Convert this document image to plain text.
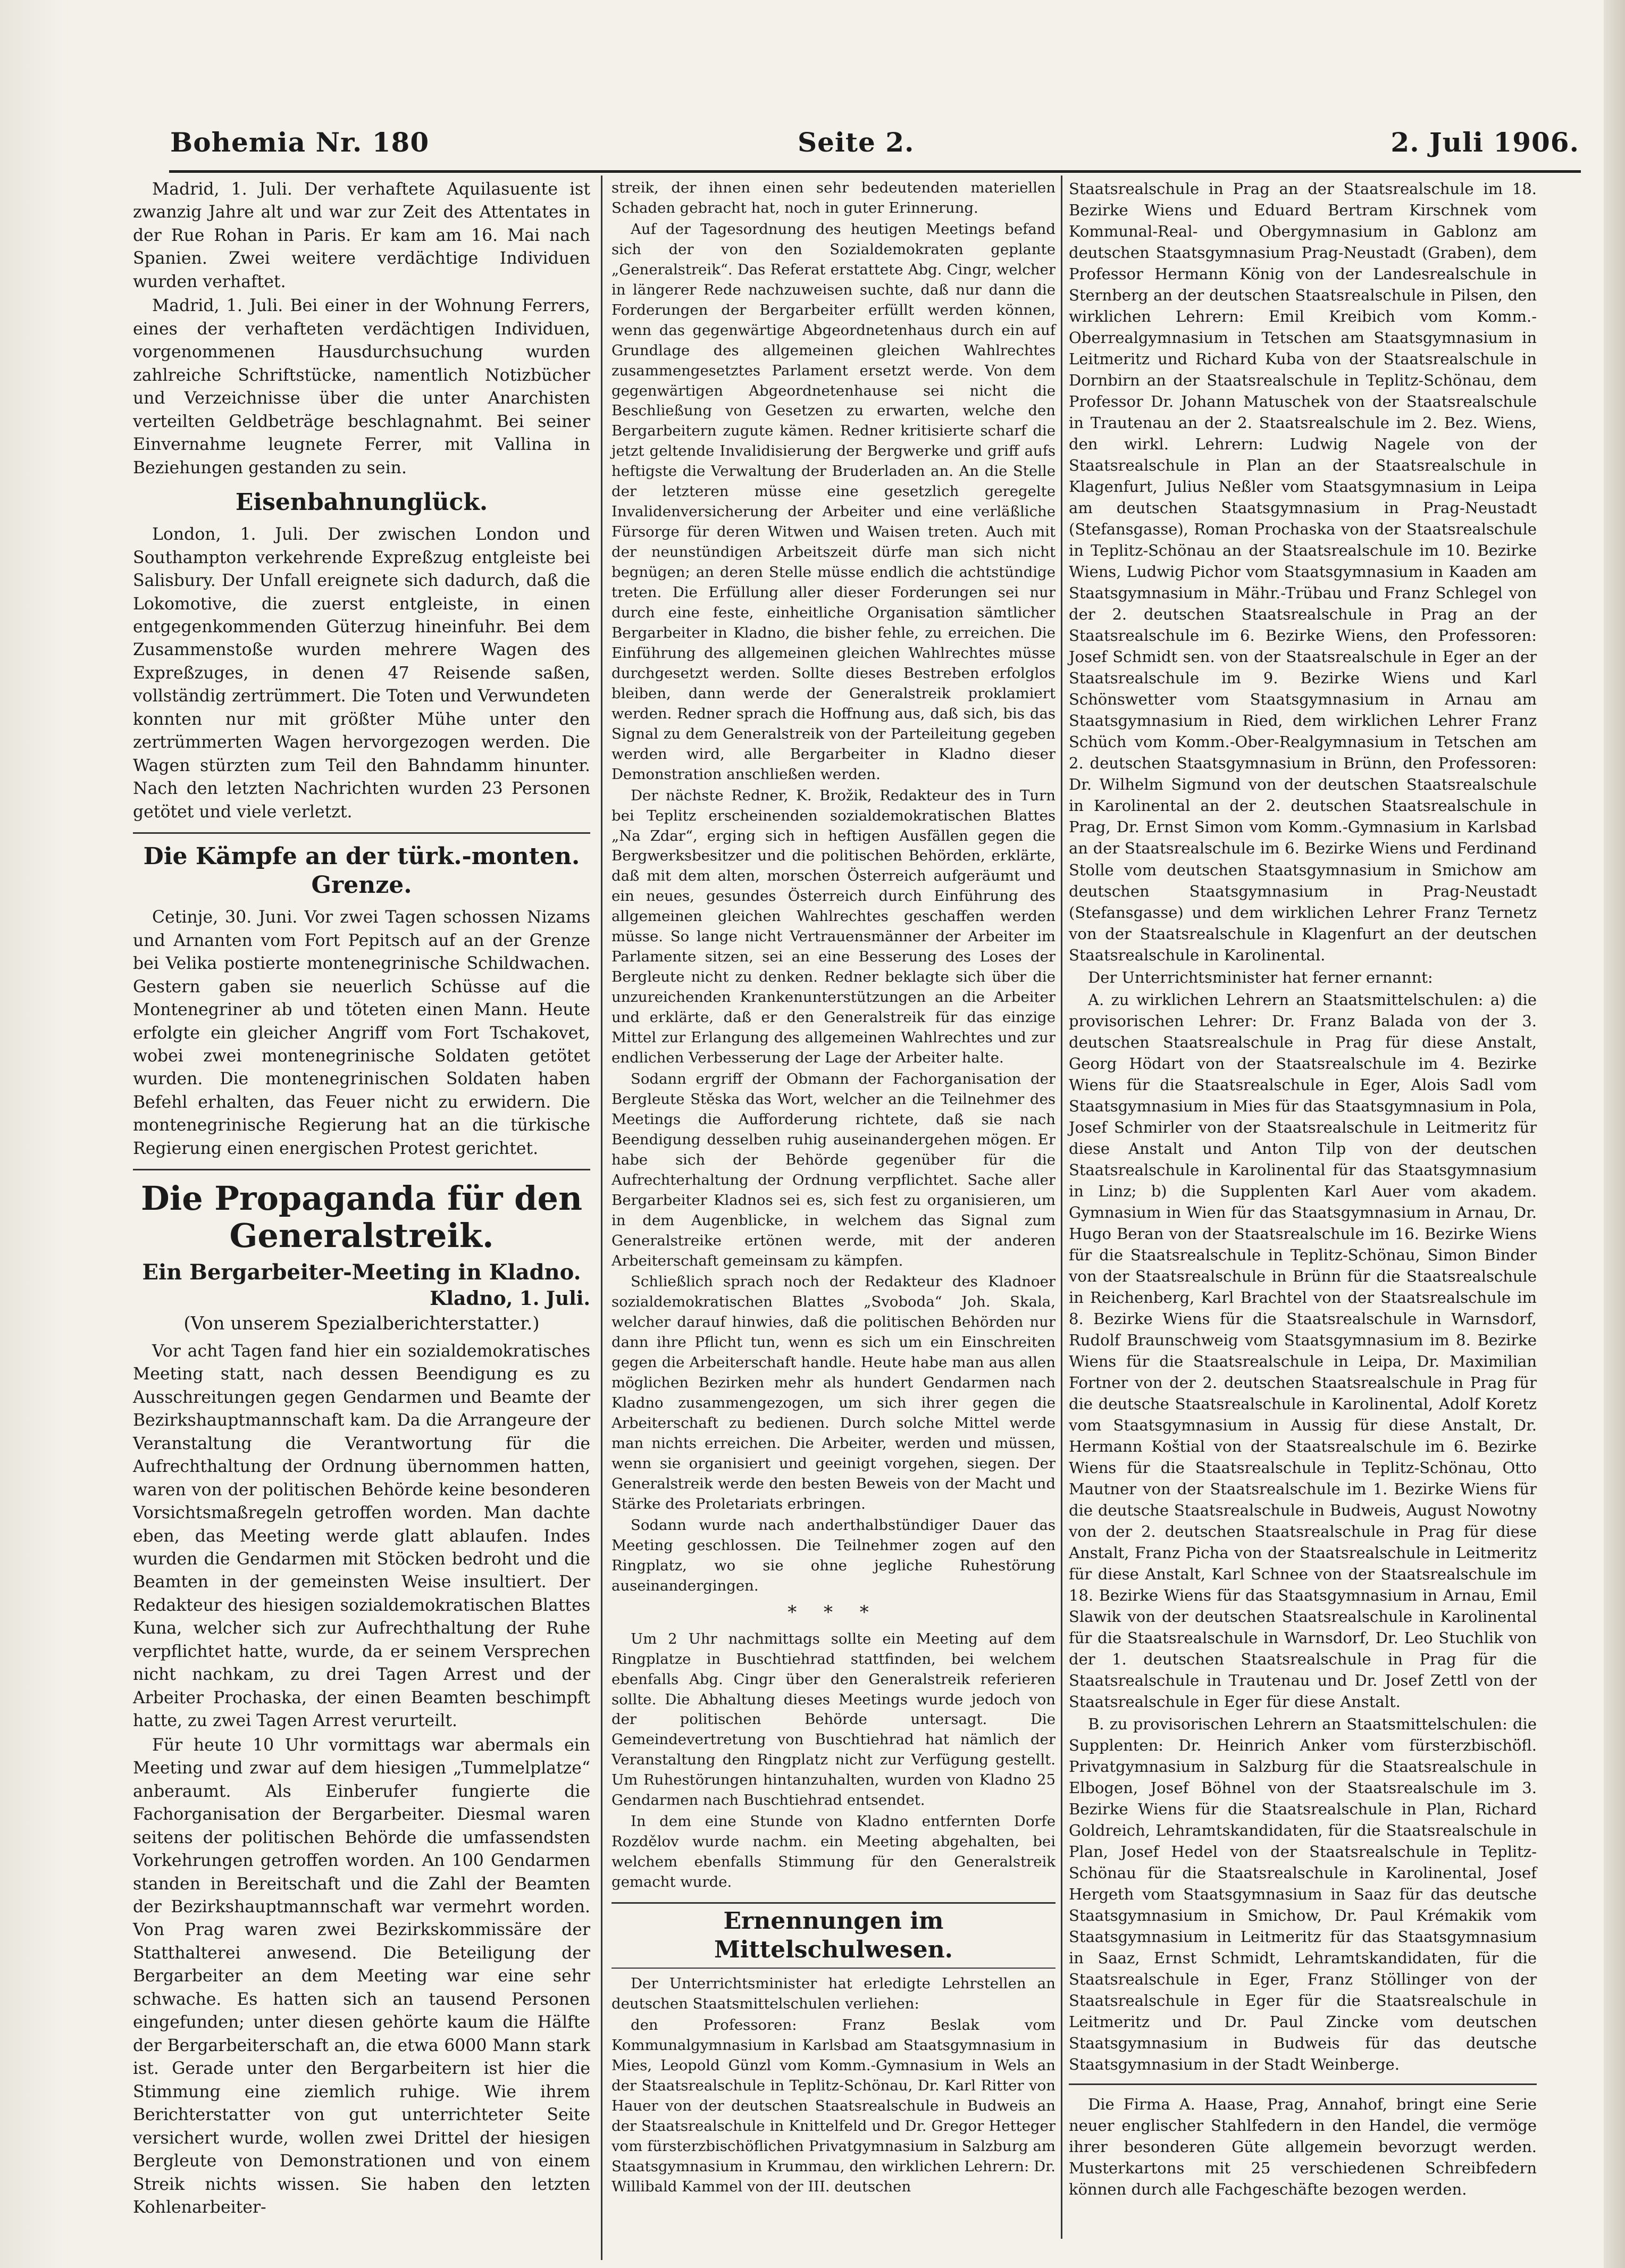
Bohemia Nr. 180	Seite 2.	2. Juli 1906.

Madrid, 1. Juli. Der verhaftete Aquilasuente ist zwanzig Jahre alt und war zur Zeit des Attentates in der Rue Rohan in Paris. Er kam am 16. Mai nach Spanien. Zwei weitere verdächtige Individuen wurden verhaftet.

Madrid, 1. Juli. Bei einer in der Wohnung Ferrers, eines der verhafteten verdächtigen Individuen, vorgenommenen Hausdurchsuchung wurden zahlreiche Schriftstücke, namentlich Notizbücher und Verzeichnisse über die unter Anarchisten verteilten Geldbeträge beschlagnahmt. Bei seiner Einvernahme leugnete Ferrer, mit Vallina in Beziehungen gestanden zu sein.

Eisenbahnunglück.

London, 1. Juli. Der zwischen London und Southampton verkehrende Expreßzug entgleiste bei Salisbury. Der Unfall ereignete sich dadurch, daß die Lokomotive, die zuerst entgleiste, in einen entgegenkommenden Güterzug hineinfuhr. Bei dem Zusammenstoße wurden mehrere Wagen des Expreßzuges, in denen 47 Reisende saßen, vollständig zertrümmert. Die Toten und Verwundeten konnten nur mit größter Mühe unter den zertrümmerten Wagen hervorgezogen werden. Die Wagen stürzten zum Teil den Bahndamm hinunter. Nach den letzten Nachrichten wurden 23 Personen getötet und viele verletzt.

Die Kämpfe an der türk.-monten. Grenze.

Cetinje, 30. Juni. Vor zwei Tagen schossen Nizams und Arnanten vom Fort Pepitsch auf an der Grenze bei Velika postierte montenegrinische Schildwachen. Gestern gaben sie neuerlich Schüsse auf die Montenegriner ab und töteten einen Mann. Heute erfolgte ein gleicher Angriff vom Fort Tschakovet, wobei zwei montenegrinische Soldaten getötet wurden. Die montenegrinischen Soldaten haben Befehl erhalten, das Feuer nicht zu erwidern. Die montenegrinische Regierung hat an die türkische Regierung einen energischen Protest gerichtet.

Die Propaganda für den Generalstreik.
Ein Bergarbeiter-Meeting in Kladno.
Kladno, 1. Juli.
(Von unserem Spezialberichterstatter.)

Vor acht Tagen fand hier ein sozialdemokratisches Meeting statt, nach dessen Beendigung es zu Ausschreitungen gegen Gendarmen und Beamte der Bezirkshauptmannschaft kam. Da die Arrangeure der Veranstaltung die Verantwortung für die Aufrechthaltung der Ordnung übernommen hatten, waren von der politischen Behörde keine besonderen Vorsichtsmaßregeln getroffen worden. Man dachte eben, das Meeting werde glatt ablaufen. Indes wurden die Gendarmen mit Stöcken bedroht und die Beamten in der gemeinsten Weise insultiert. Der Redakteur des hiesigen sozialdemokratischen Blattes Kuna, welcher sich zur Aufrechthaltung der Ruhe verpflichtet hatte, wurde, da er seinem Versprechen nicht nachkam, zu drei Tagen Arrest und der Arbeiter Prochaska, der einen Beamten beschimpft hatte, zu zwei Tagen Arrest verurteilt.

Für heute 10 Uhr vormittags war abermals ein Meeting und zwar auf dem hiesigen „Tummelplatze“ anberaumt. Als Einberufer fungierte die Fachorganisation der Bergarbeiter. Diesmal waren seitens der politischen Behörde die umfassendsten Vorkehrungen getroffen worden. An 100 Gendarmen standen in Bereitschaft und die Zahl der Beamten der Bezirkshauptmannschaft war vermehrt worden. Von Prag waren zwei Bezirkskommissäre der Statthalterei anwesend. Die Beteiligung der Bergarbeiter an dem Meeting war eine sehr schwache. Es hatten sich an tausend Personen eingefunden; unter diesen gehörte kaum die Hälfte der Bergarbeiterschaft an, die etwa 6000 Mann stark ist. Gerade unter den Bergarbeitern ist hier die Stimmung eine ziemlich ruhige. Wie ihrem Berichterstatter von gut unterrichteter Seite versichert wurde, wollen zwei Drittel der hiesigen Bergleute von Demonstrationen und von einem Streik nichts wissen. Sie haben den letzten Kohlenarbeiter-

streik, der ihnen einen sehr bedeutenden materiellen Schaden gebracht hat, noch in guter Erinnerung.

Auf der Tagesordnung des heutigen Meetings befand sich der von den Sozialdemokraten geplante „Generalstreik“. Das Referat erstattete Abg. Cingr, welcher in längerer Rede nachzuweisen suchte, daß nur dann die Forderungen der Bergarbeiter erfüllt werden können, wenn das gegenwärtige Abgeordnetenhaus durch ein auf Grundlage des allgemeinen gleichen Wahlrechtes zusammengesetztes Parlament ersetzt werde. Von dem gegenwärtigen Abgeordnetenhause sei nicht die Beschließung von Gesetzen zu erwarten, welche den Bergarbeitern zugute kämen. Redner kritisierte scharf die jetzt geltende Invalidisierung der Bergwerke und griff aufs heftigste die Verwaltung der Bruderladen an. An die Stelle der letzteren müsse eine gesetzlich geregelte Invalidenversicherung der Arbeiter und eine verläßliche Fürsorge für deren Witwen und Waisen treten. Auch mit der neunstündigen Arbeitszeit dürfe man sich nicht begnügen; an deren Stelle müsse endlich die achtstündige treten. Die Erfüllung aller dieser Forderungen sei nur durch eine feste, einheitliche Organisation sämtlicher Bergarbeiter in Kladno, die bisher fehle, zu erreichen. Die Einführung des allgemeinen gleichen Wahlrechtes müsse durchgesetzt werden. Sollte dieses Bestreben erfolglos bleiben, dann werde der Generalstreik proklamiert werden. Redner sprach die Hoffnung aus, daß sich, bis das Signal zu dem Generalstreik von der Parteileitung gegeben werden wird, alle Bergarbeiter in Kladno dieser Demonstration anschließen werden.

Der nächste Redner, K. Brožik, Redakteur des in Turn bei Teplitz erscheinenden sozialdemokratischen Blattes „Na Zdar“, erging sich in heftigen Ausfällen gegen die Bergwerksbesitzer und die politischen Behörden, erklärte, daß mit dem alten, morschen Österreich aufgeräumt und ein neues, gesundes Österreich durch Einführung des allgemeinen gleichen Wahlrechtes geschaffen werden müsse. So lange nicht Vertrauensmänner der Arbeiter im Parlamente sitzen, sei an eine Besserung des Loses der Bergleute nicht zu denken. Redner beklagte sich über die unzureichenden Krankenunterstützungen an die Arbeiter und erklärte, daß er den Generalstreik für das einzige Mittel zur Erlangung des allgemeinen Wahlrechtes und zur endlichen Verbesserung der Lage der Arbeiter halte.

Sodann ergriff der Obmann der Fachorganisation der Bergleute Stěska das Wort, welcher an die Teilnehmer des Meetings die Aufforderung richtete, daß sie nach Beendigung desselben ruhig auseinandergehen mögen. Er habe sich der Behörde gegenüber für die Aufrechterhaltung der Ordnung verpflichtet. Sache aller Bergarbeiter Kladnos sei es, sich fest zu organisieren, um in dem Augenblicke, in welchem das Signal zum Generalstreike ertönen werde, mit der anderen Arbeiterschaft gemeinsam zu kämpfen.

Schließlich sprach noch der Redakteur des Kladnoer sozialdemokratischen Blattes „Svoboda“ Joh. Skala, welcher darauf hinwies, daß die politischen Behörden nur dann ihre Pflicht tun, wenn es sich um ein Einschreiten gegen die Arbeiterschaft handle. Heute habe man aus allen möglichen Bezirken mehr als hundert Gendarmen nach Kladno zusammengezogen, um sich ihrer gegen die Arbeiterschaft zu bedienen. Durch solche Mittel werde man nichts erreichen. Die Arbeiter, werden und müssen, wenn sie organisiert und geeinigt vorgehen, siegen. Der Generalstreik werde den besten Beweis von der Macht und Stärke des Proletariats erbringen.

Sodann wurde nach anderthalbstündiger Dauer das Meeting geschlossen. Die Teilnehmer zogen auf den Ringplatz, wo sie ohne jegliche Ruhestörung auseinandergingen.

* * *

Um 2 Uhr nachmittags sollte ein Meeting auf dem Ringplatze in Buschtiehrad stattfinden, bei welchem ebenfalls Abg. Cingr über den Generalstreik referieren sollte. Die Abhaltung dieses Meetings wurde jedoch von der politischen Behörde untersagt. Die Gemeindevertretung von Buschtiehrad hat nämlich der Veranstaltung den Ringplatz nicht zur Verfügung gestellt. Um Ruhestörungen hintanzuhalten, wurden von Kladno 25 Gendarmen nach Buschtiehrad entsendet.

In dem eine Stunde von Kladno entfernten Dorfe Rozdělov wurde nachm. ein Meeting abgehalten, bei welchem ebenfalls Stimmung für den Generalstreik gemacht wurde.

Ernennungen im Mittelschulwesen.

Der Unterrichtsminister hat erledigte Lehrstellen an deutschen Staatsmittelschulen verliehen:

den Professoren: Franz Beslak vom Kommunalgymnasium in Karlsbad am Staatsgymnasium in Mies, Leopold Günzl vom Komm.-Gymnasium in Wels an der Staatsrealschule in Teplitz-Schönau, Dr. Karl Ritter von Hauer von der deutschen Staatsrealschule in Budweis an der Staatsrealschule in Knittelfeld und Dr. Gregor Hetteger vom fürsterzbischöflichen Privatgymnasium in Salzburg am Staatsgymnasium in Krummau, den wirklichen Lehrern: Dr. Willibald Kammel von der III. deutschen

Staatsrealschule in Prag an der Staatsrealschule im 18. Bezirke Wiens und Eduard Bertram Kirschnek vom Kommunal-Real- und Obergymnasium in Gablonz am deutschen Staatsgymnasium Prag-Neustadt (Graben), dem Professor Hermann König von der Landesrealschule in Sternberg an der deutschen Staatsrealschule in Pilsen, den wirklichen Lehrern: Emil Kreibich vom Komm.-Oberrealgymnasium in Tetschen am Staatsgymnasium in Leitmeritz und Richard Kuba von der Staatsrealschule in Dornbirn an der Staatsrealschule in Teplitz-Schönau, dem Professor Dr. Johann Matuschek von der Staatsrealschule in Trautenau an der 2. Staatsrealschule im 2. Bez. Wiens, den wirkl. Lehrern: Ludwig Nagele von der Staatsrealschule in Plan an der Staatsrealschule in Klagenfurt, Julius Neßler vom Staatsgymnasium in Leipa am deutschen Staatsgymnasium in Prag-Neustadt (Stefansgasse), Roman Prochaska von der Staatsrealschule in Teplitz-Schönau an der Staatsrealschule im 10. Bezirke Wiens, Ludwig Pichor vom Staatsgymnasium in Kaaden am Staatsgymnasium in Mähr.-Trübau und Franz Schlegel von der 2. deutschen Staatsrealschule in Prag an der Staatsrealschule im 6. Bezirke Wiens, den Professoren: Josef Schmidt sen. von der Staatsrealschule in Eger an der Staatsrealschule im 9. Bezirke Wiens und Karl Schönswetter vom Staatsgymnasium in Arnau am Staatsgymnasium in Ried, dem wirklichen Lehrer Franz Schüch vom Komm.-Ober-Realgymnasium in Tetschen am 2. deutschen Staatsgymnasium in Brünn, den Professoren: Dr. Wilhelm Sigmund von der deutschen Staatsrealschule in Karolinental an der 2. deutschen Staatsrealschule in Prag, Dr. Ernst Simon vom Komm.-Gymnasium in Karlsbad an der Staatsrealschule im 6. Bezirke Wiens und Ferdinand Stolle vom deutschen Staatsgymnasium in Smichow am deutschen Staatsgymnasium in Prag-Neustadt (Stefansgasse) und dem wirklichen Lehrer Franz Ternetz von der Staatsrealschule in Klagenfurt an der deutschen Staatsrealschule in Karolinental.

Der Unterrichtsminister hat ferner ernannt:

A. zu wirklichen Lehrern an Staatsmittelschulen: a) die provisorischen Lehrer: Dr. Franz Balada von der 3. deutschen Staatsrealschule in Prag für diese Anstalt, Georg Hödart von der Staatsrealschule im 4. Bezirke Wiens für die Staatsrealschule in Eger, Alois Sadl vom Staatsgymnasium in Mies für das Staatsgymnasium in Pola, Josef Schmirler von der Staatsrealschule in Leitmeritz für diese Anstalt und Anton Tilp von der deutschen Staatsrealschule in Karolinental für das Staatsgymnasium in Linz; b) die Supplenten Karl Auer vom akadem. Gymnasium in Wien für das Staatsgymnasium in Arnau, Dr. Hugo Beran von der Staatsrealschule im 16. Bezirke Wiens für die Staatsrealschule in Teplitz-Schönau, Simon Binder von der Staatsrealschule in Brünn für die Staatsrealschule in Reichenberg, Karl Brachtel von der Staatsrealschule im 8. Bezirke Wiens für die Staatsrealschule in Warnsdorf, Rudolf Braunschweig vom Staatsgymnasium im 8. Bezirke Wiens für die Staatsrealschule in Leipa, Dr. Maximilian Fortner von der 2. deutschen Staatsrealschule in Prag für die deutsche Staatsrealschule in Karolinental, Adolf Koretz vom Staatsgymnasium in Aussig für diese Anstalt, Dr. Hermann Koštial von der Staatsrealschule im 6. Bezirke Wiens für die Staatsrealschule in Teplitz-Schönau, Otto Mautner von der Staatsrealschule im 1. Bezirke Wiens für die deutsche Staatsrealschule in Budweis, August Nowotny von der 2. deutschen Staatsrealschule in Prag für diese Anstalt, Franz Picha von der Staatsrealschule in Leitmeritz für diese Anstalt, Karl Schnee von der Staatsrealschule im 18. Bezirke Wiens für das Staatsgymnasium in Arnau, Emil Slawik von der deutschen Staatsrealschule in Karolinental für die Staatsrealschule in Warnsdorf, Dr. Leo Stuchlik von der 1. deutschen Staatsrealschule in Prag für die Staatsrealschule in Trautenau und Dr. Josef Zettl von der Staatsrealschule in Eger für diese Anstalt.

B. zu provisorischen Lehrern an Staatsmittelschulen: die Supplenten: Dr. Heinrich Anker vom fürsterzbischöfl. Privatgymnasium in Salzburg für die Staatsrealschule in Elbogen, Josef Böhnel von der Staatsrealschule im 3. Bezirke Wiens für die Staatsrealschule in Plan, Richard Goldreich, Lehramtskandidaten, für die Staatsrealschule in Plan, Josef Hedel von der Staatsrealschule in Teplitz-Schönau für die Staatsrealschule in Karolinental, Josef Hergeth vom Staatsgymnasium in Saaz für das deutsche Staatsgymnasium in Smichow, Dr. Paul Krémakik vom Staatsgymnasium in Leitmeritz für das Staatsgymnasium in Saaz, Ernst Schmidt, Lehramtskandidaten, für die Staatsrealschule in Eger, Franz Stöllinger von der Staatsrealschule in Eger für die Staatsrealschule in Leitmeritz und Dr. Paul Zincke vom deutschen Staatsgymnasium in Budweis für das deutsche Staatsgymnasium in der Stadt Weinberge.

Die Firma A. Haase, Prag, Annahof, bringt eine Serie neuer englischer Stahlfedern in den Handel, die vermöge ihrer besonderen Güte allgemein bevorzugt werden. Musterkartons mit 25 verschiedenen Schreibfedern können durch alle Fachgeschäfte bezogen werden.
